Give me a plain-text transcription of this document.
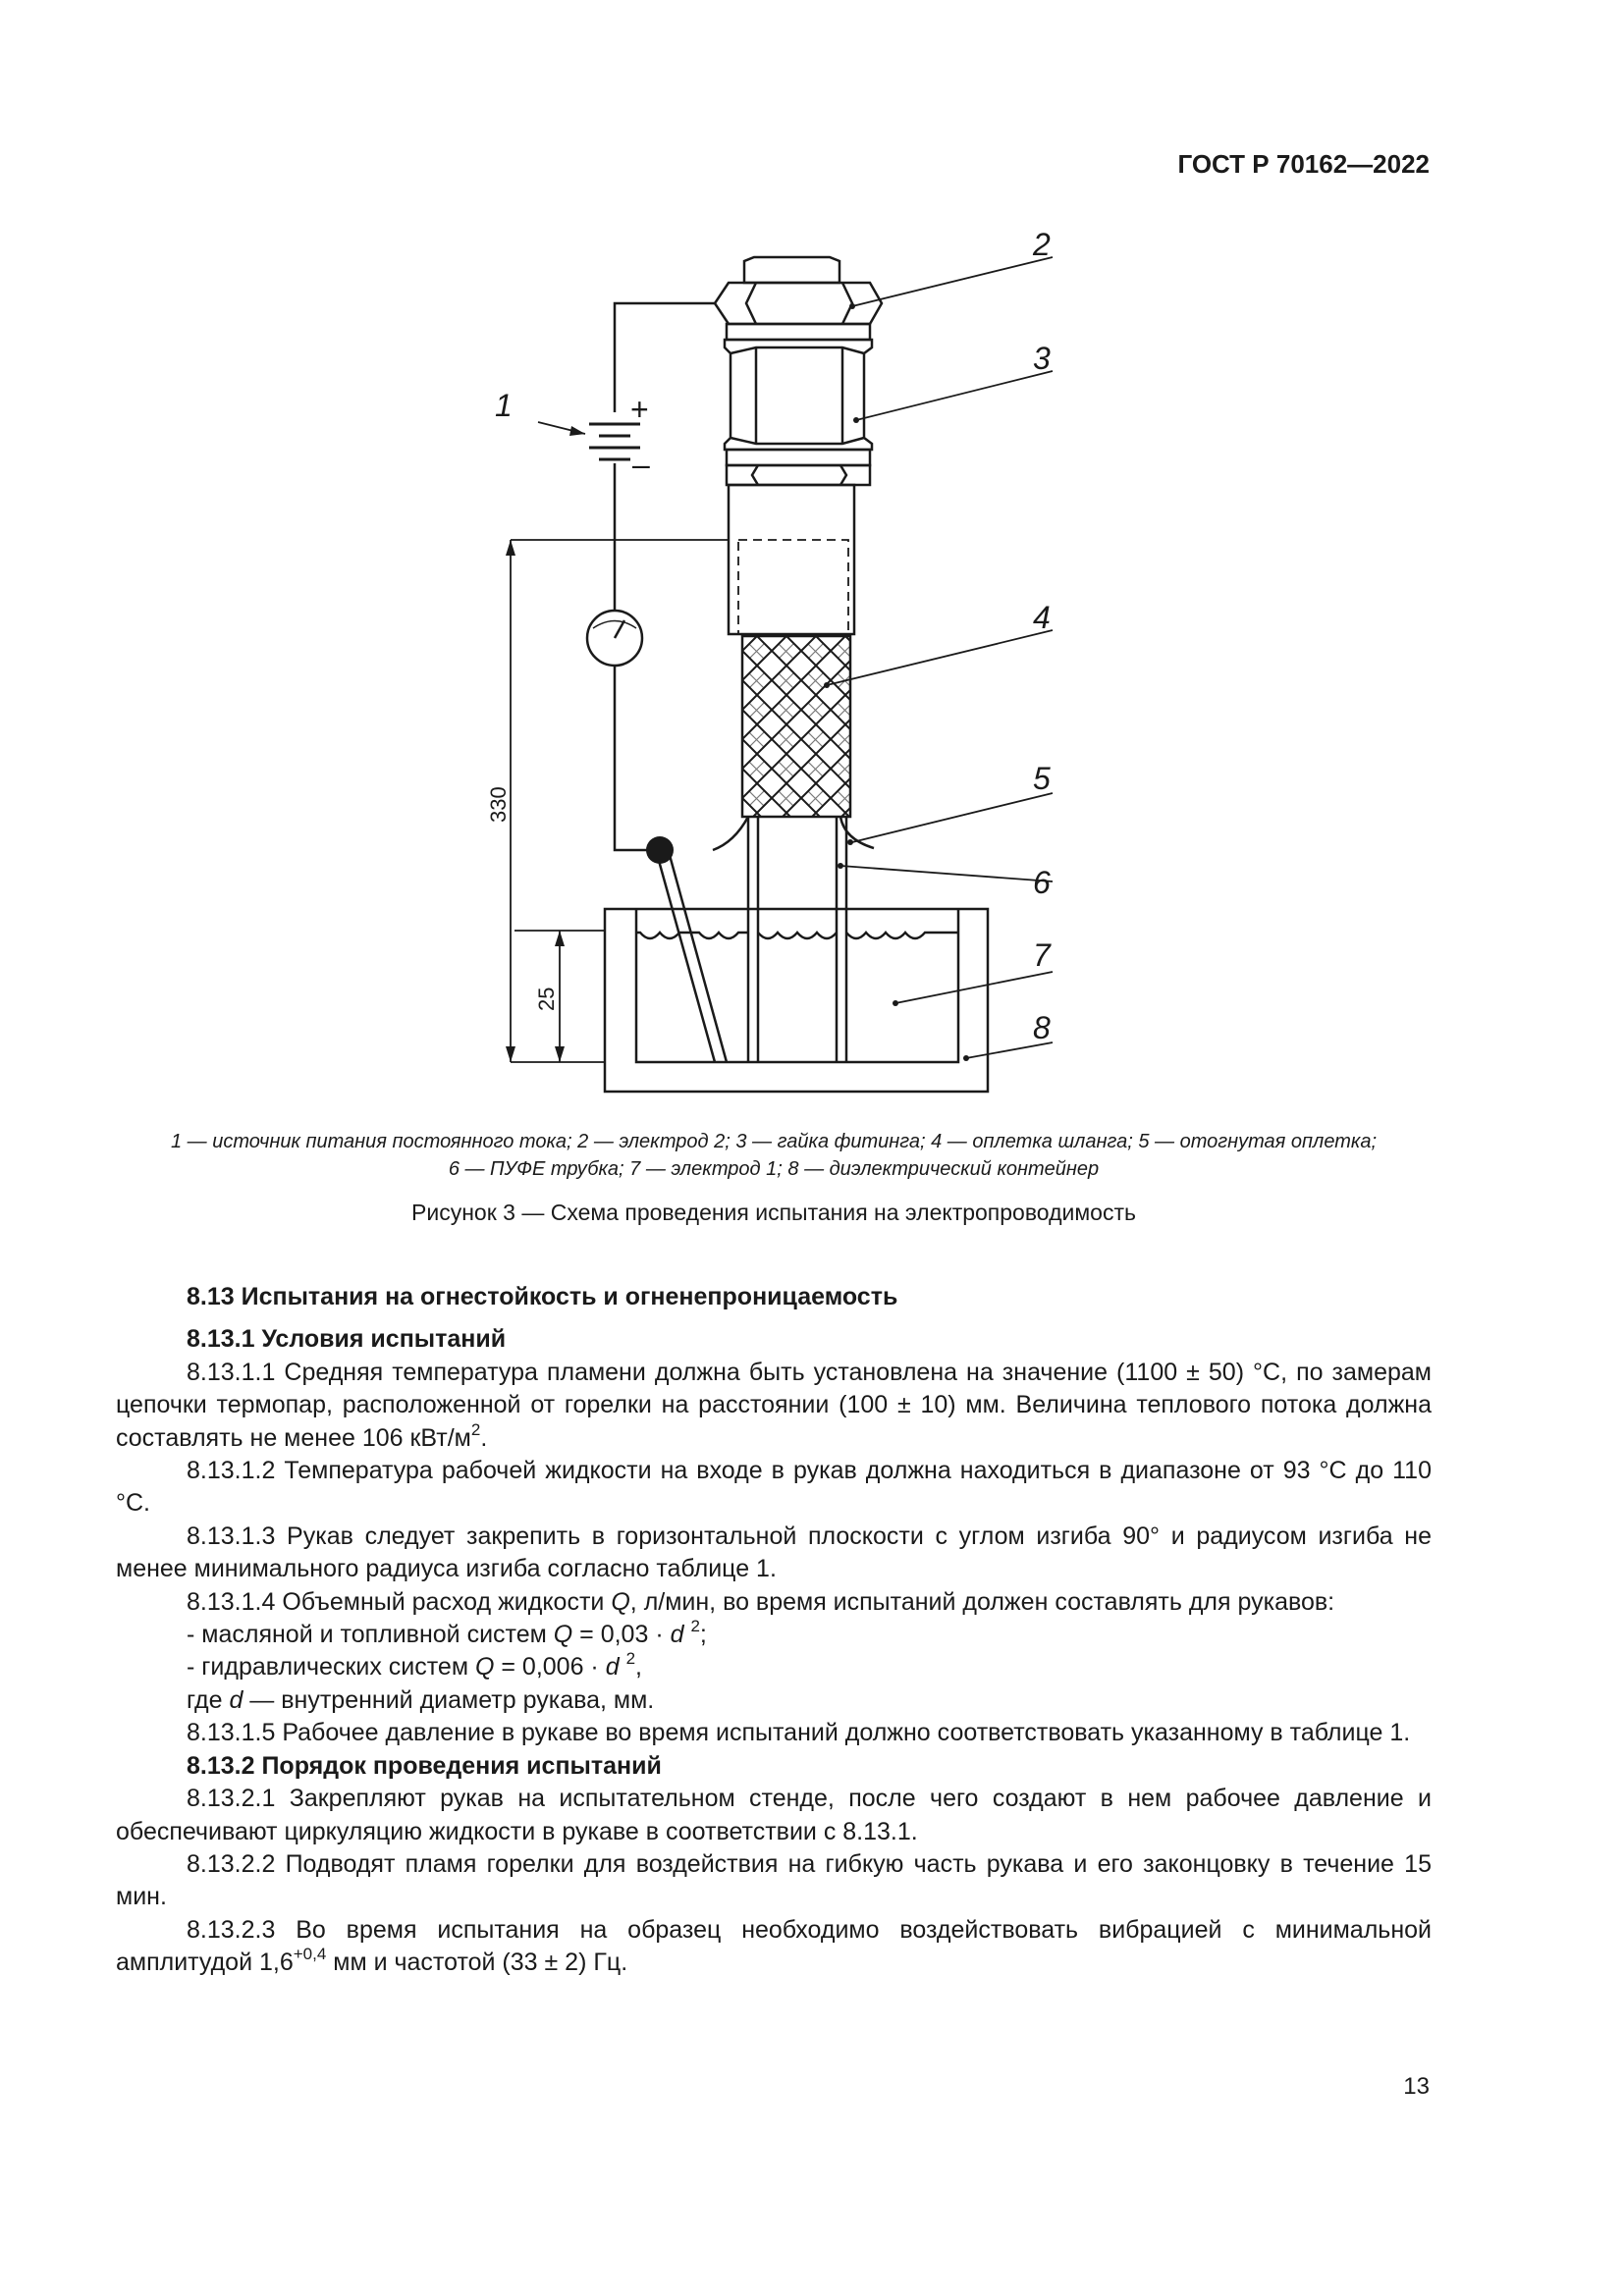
ГОСТ Р 70162—2022
2
3
1
4
5
6
7
8
+
–
330
25
1 — источник питания постоянного тока; 2 — электрод 2; 3 — гайка фитинга; 4 — оплетка шланга; 5 — отогнутая оплетка;
6 — ПУФЕ трубка; 7 — электрод 1; 8 — диэлектрический контейнер
Рисунок 3 — Схема проведения испытания на электропроводимость
8.13 Испытания на огнестойкость и огненепроницаемость
8.13.1 Условия испытаний
8.13.1.1 Средняя температура пламени должна быть установлена на значение (1100 ± 50) °С, по замерам цепочки термопар, расположенной от горелки на расстоянии (100 ± 10) мм. Величина теплового потока должна составлять не менее 106 кВт/$м^2$.
8.13.1.2 Температура рабочей жидкости на входе в рукав должна находиться в диапазоне от 93 °С до 110 °С.
8.13.1.3 Рукав следует закрепить в горизонтальной плоскости с углом изгиба 90° и радиусом изгиба не менее минимального радиуса изгиба согласно таблице 1.
8.13.1.4 Объемный расход жидкости Q, л/мин, во время испытаний должен составлять для рукавов:
- масляной и топливной систем Q = 0,03 · d $^2$;
- гидравлических систем Q = 0,006 · d $^2$,
где d — внутренний диаметр рукава, мм.
8.13.1.5 Рабочее давление в рукаве во время испытаний должно соответствовать указанному в таблице 1.
8.13.2 Порядок проведения испытаний
8.13.2.1 Закрепляют рукав на испытательном стенде, после чего создают в нем рабочее давление и обеспечивают циркуляцию жидкости в рукаве в соответствии с 8.13.1.
8.13.2.2 Подводят пламя горелки для воздействия на гибкую часть рукава и его законцовку в течение 15 мин.
8.13.2.3 Во время испытания на образец необходимо воздействовать вибрацией с минимальной амплитудой $1,6^{+0,4}$ мм и частотой (33 ± 2) Гц.
13
